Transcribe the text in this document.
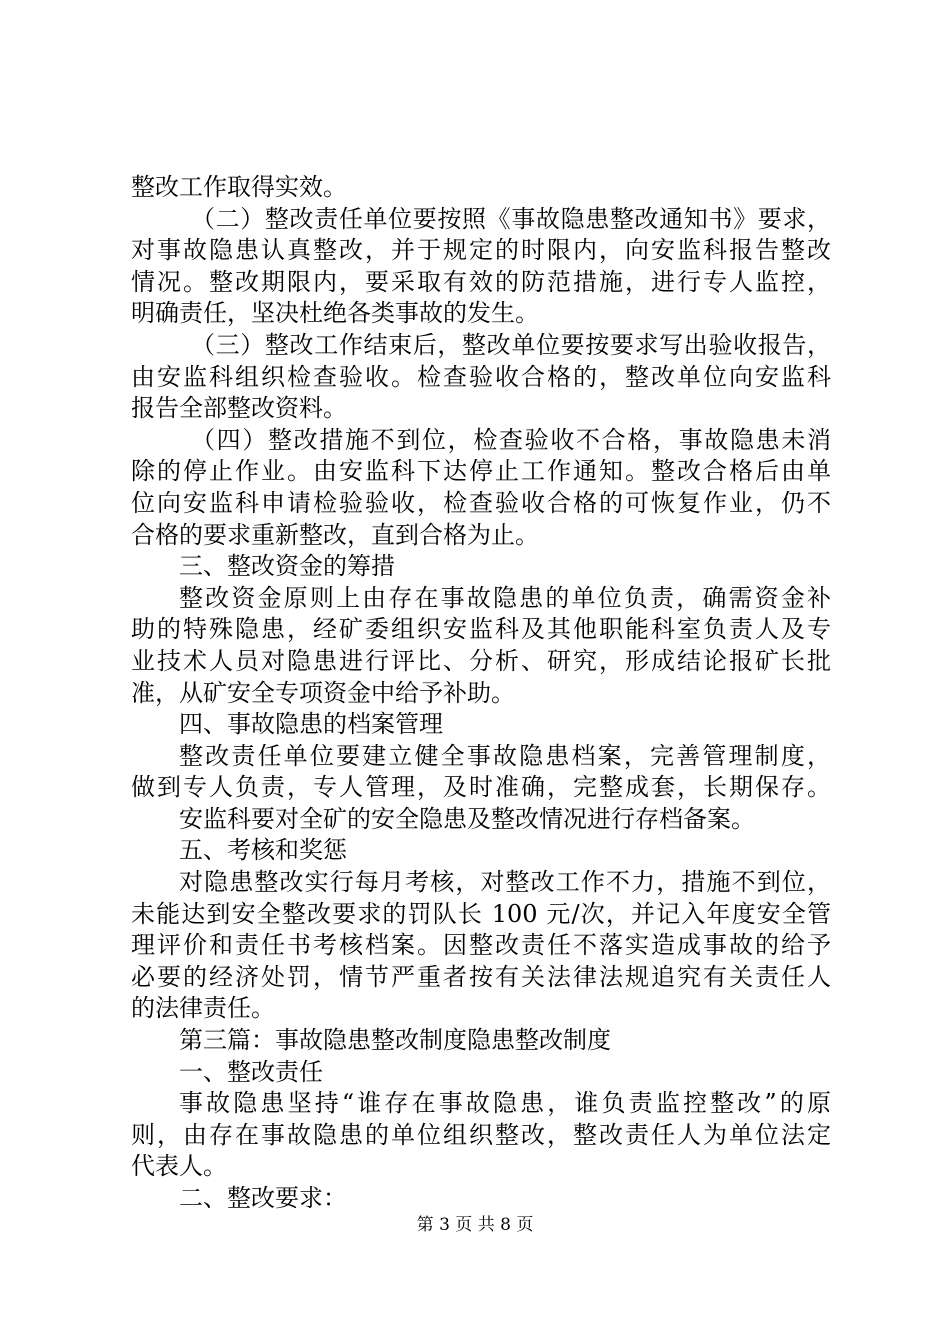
整改工作取得实效。
（二）整改责任单位要按照《事故隐患整改通知书》要求，
对事故隐患认真整改，并于规定的时限内，向安监科报告整改
情况。整改期限内，要采取有效的防范措施，进行专人监控，
明确责任，坚决杜绝各类事故的发生。
（三）整改工作结束后，整改单位要按要求写出验收报告，
由安监科组织检查验收。检查验收合格的，整改单位向安监科
报告全部整改资料。
（四）整改措施不到位，检查验收不合格，事故隐患未消
除的停止作业。由安监科下达停止工作通知。整改合格后由单
位向安监科申请检验验收，检查验收合格的可恢复作业，仍不
合格的要求重新整改，直到合格为止。
三、整改资金的筹措
整改资金原则上由存在事故隐患的单位负责，确需资金补
助的特殊隐患，经矿委组织安监科及其他职能科室负责人及专
业技术人员对隐患进行评比、分析、研究，形成结论报矿长批
准，从矿安全专项资金中给予补助。
四、事故隐患的档案管理
整改责任单位要建立健全事故隐患档案，完善管理制度，
做到专人负责，专人管理，及时准确，完整成套，长期保存。
安监科要对全矿的安全隐患及整改情况进行存档备案。
五、考核和奖惩
对隐患整改实行每月考核，对整改工作不力，措施不到位，
未能达到安全整改要求的罚队长 100 元/次，并记入年度安全管
理评价和责任书考核档案。因整改责任不落实造成事故的给予
必要的经济处罚，情节严重者按有关法律法规追究有关责任人
的法律责任。
第三篇：事故隐患整改制度隐患整改制度
一、整改责任
事故隐患坚持“谁存在事故隐患，谁负责监控整改”的原
则，由存在事故隐患的单位组织整改，整改责任人为单位法定
代表人。
二、整改要求：
第 3 页 共 8 页
